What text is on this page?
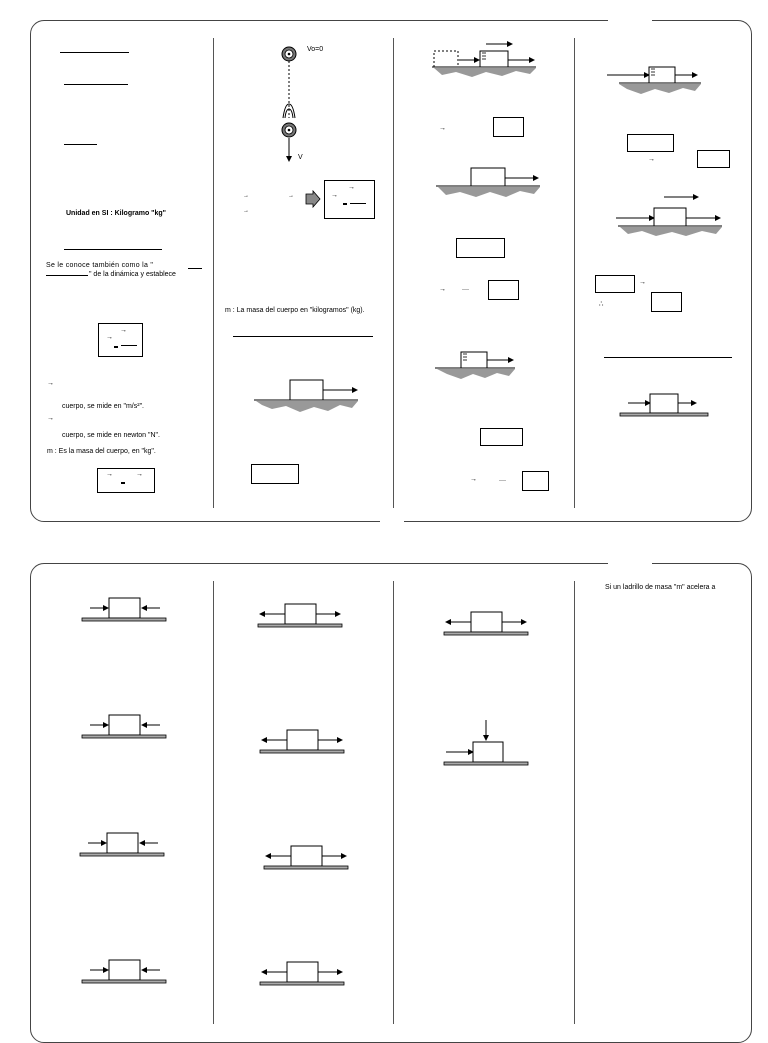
Unidad en SI : Kilogramo "kg"
Se le conoce también como la "
" de la dinámica y establece
→
→
→
cuerpo, se mide en "m/s²".
→
cuerpo, se mide en newton "N".
m : Es la masa del cuerpo, en "kg".
→	→
Vo=0
V
→	→
→
→
→
m : La masa del cuerpo en "kilogramos" (kg).
→
→ —
→	—
→
→
∴
Si un ladrillo de masa "m" acelera a
